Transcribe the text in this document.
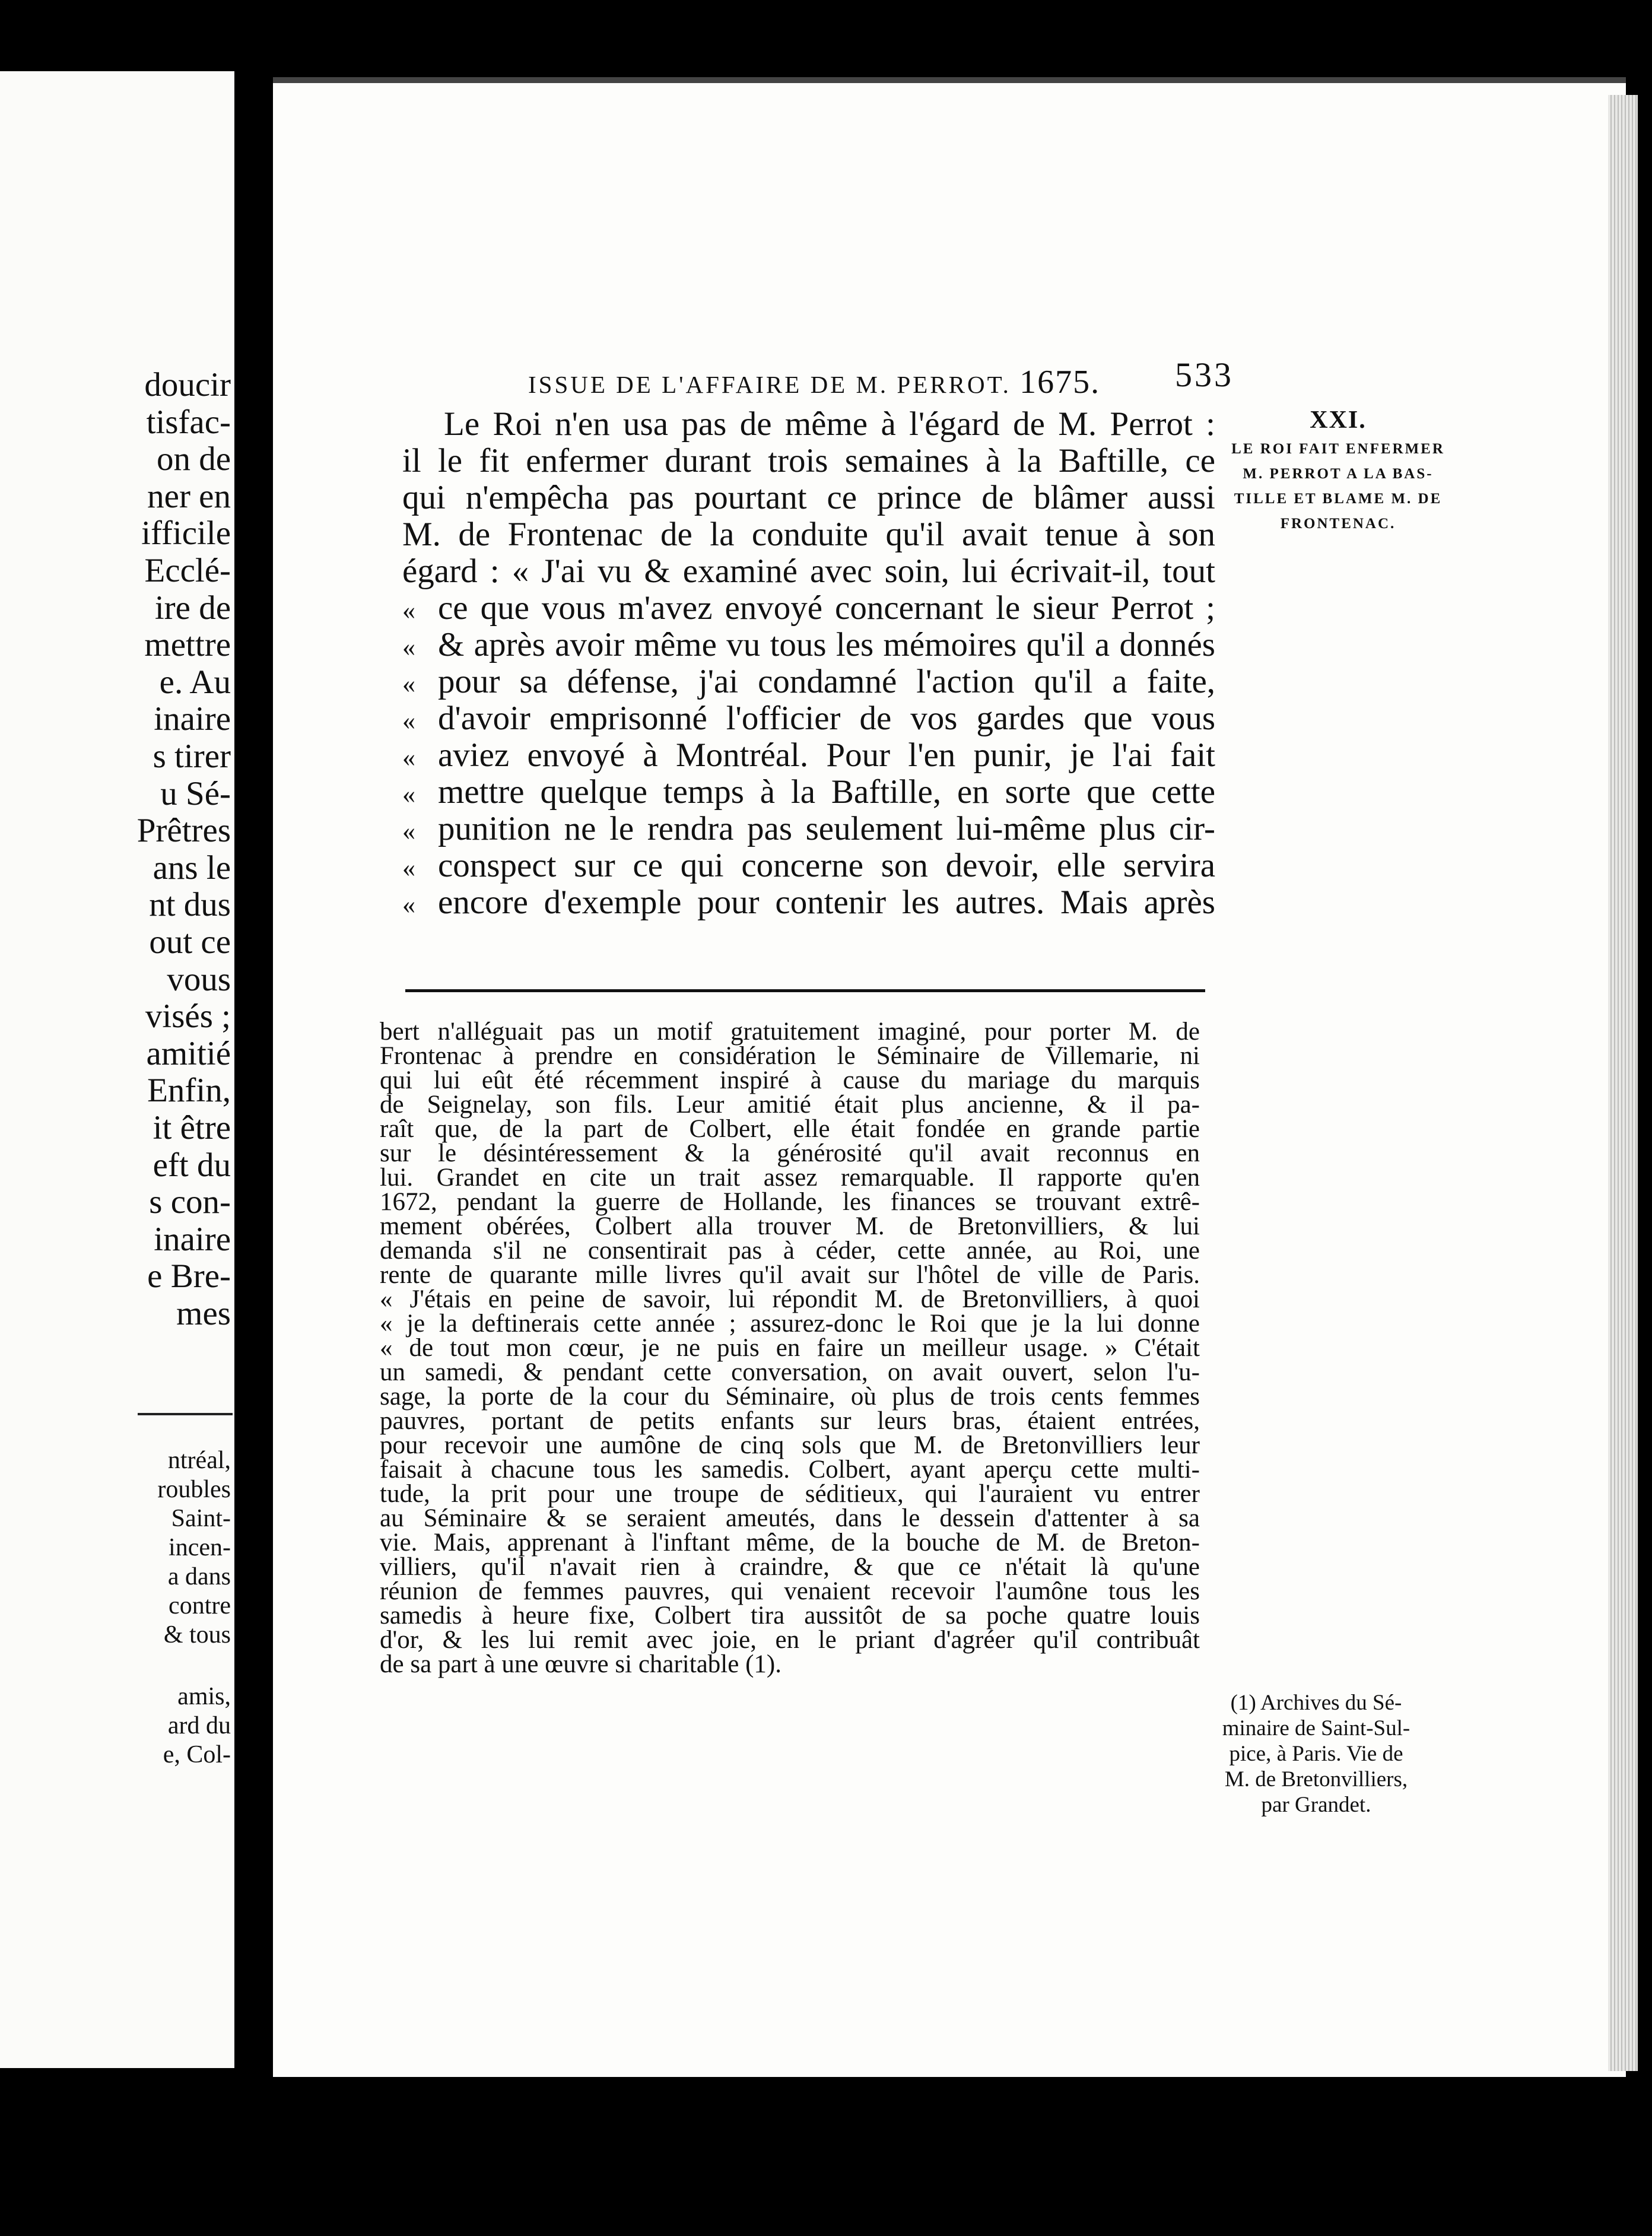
doucir
tisfac-
on de
ner en
ifficile
Ecclé-
ire de
mettre
e. Au
inaire
s tirer
u Sé-
Prêtres
ans le
nt dus
out ce
vous
visés ;
amitié
Enfin,
it être
eft du
s con-
inaire
e Bre-
mes
ntréal,
roubles
Saint-
incen-
a dans
contre
& tous
amis,
ard du
e, Col-
ISSUE DE L'AFFAIRE DE M. PERROT. 1675. 533
Le Roi n'en usa pas de même à l'égard de M. Perrot :
il le fit enfermer durant trois semaines à la Baftille, ce
qui n'empêcha pas pourtant ce prince de blâmer aussi
M. de Frontenac de la conduite qu'il avait tenue à son
égard : « J'ai vu & examiné avec soin, lui écrivait-il, tout
« ce que vous m'avez envoyé concernant le sieur Perrot ;
« & après avoir même vu tous les mémoires qu'il a donnés
« pour sa défense, j'ai condamné l'action qu'il a faite,
« d'avoir emprisonné l'officier de vos gardes que vous
« aviez envoyé à Montréal. Pour l'en punir, je l'ai fait
« mettre quelque temps à la Baftille, en sorte que cette
« punition ne le rendra pas seulement lui-même plus cir-
« conspect sur ce qui concerne son devoir, elle servira
« encore d'exemple pour contenir les autres. Mais après
bert n'alléguait pas un motif gratuitement imaginé, pour porter M. de
Frontenac à prendre en considération le Séminaire de Villemarie, ni
qui lui eût été récemment inspiré à cause du mariage du marquis
de Seignelay, son fils. Leur amitié était plus ancienne, & il pa-
raît que, de la part de Colbert, elle était fondée en grande partie
sur le désintéressement & la générosité qu'il avait reconnus en
lui. Grandet en cite un trait assez remarquable. Il rapporte qu'en
1672, pendant la guerre de Hollande, les finances se trouvant extrê-
mement obérées, Colbert alla trouver M. de Bretonvilliers, & lui
demanda s'il ne consentirait pas à céder, cette année, au Roi, une
rente de quarante mille livres qu'il avait sur l'hôtel de ville de Paris.
« J'étais en peine de savoir, lui répondit M. de Bretonvilliers, à quoi
« je la deftinerais cette année ; assurez-donc le Roi que je la lui donne
« de tout mon cœur, je ne puis en faire un meilleur usage. » C'était
un samedi, & pendant cette conversation, on avait ouvert, selon l'u-
sage, la porte de la cour du Séminaire, où plus de trois cents femmes
pauvres, portant de petits enfants sur leurs bras, étaient entrées,
pour recevoir une aumône de cinq sols que M. de Bretonvilliers leur
faisait à chacune tous les samedis. Colbert, ayant aperçu cette multi-
tude, la prit pour une troupe de séditieux, qui l'auraient vu entrer
au Séminaire & se seraient ameutés, dans le dessein d'attenter à sa
vie. Mais, apprenant à l'inftant même, de la bouche de M. de Breton-
villiers, qu'il n'avait rien à craindre, & que ce n'était là qu'une
réunion de femmes pauvres, qui venaient recevoir l'aumône tous les
samedis à heure fixe, Colbert tira aussitôt de sa poche quatre louis
d'or, & les lui remit avec joie, en le priant d'agréer qu'il contribuât
de sa part à une œuvre si charitable (1).
XXI.
LE ROI FAIT ENFERMER
M. PERROT A LA BAS-
TILLE ET BLAME M. DE
FRONTENAC.
(1) Archives du Sé-
minaire de Saint-Sul-
pice, à Paris. Vie de
M. de Bretonvilliers,
par Grandet.
